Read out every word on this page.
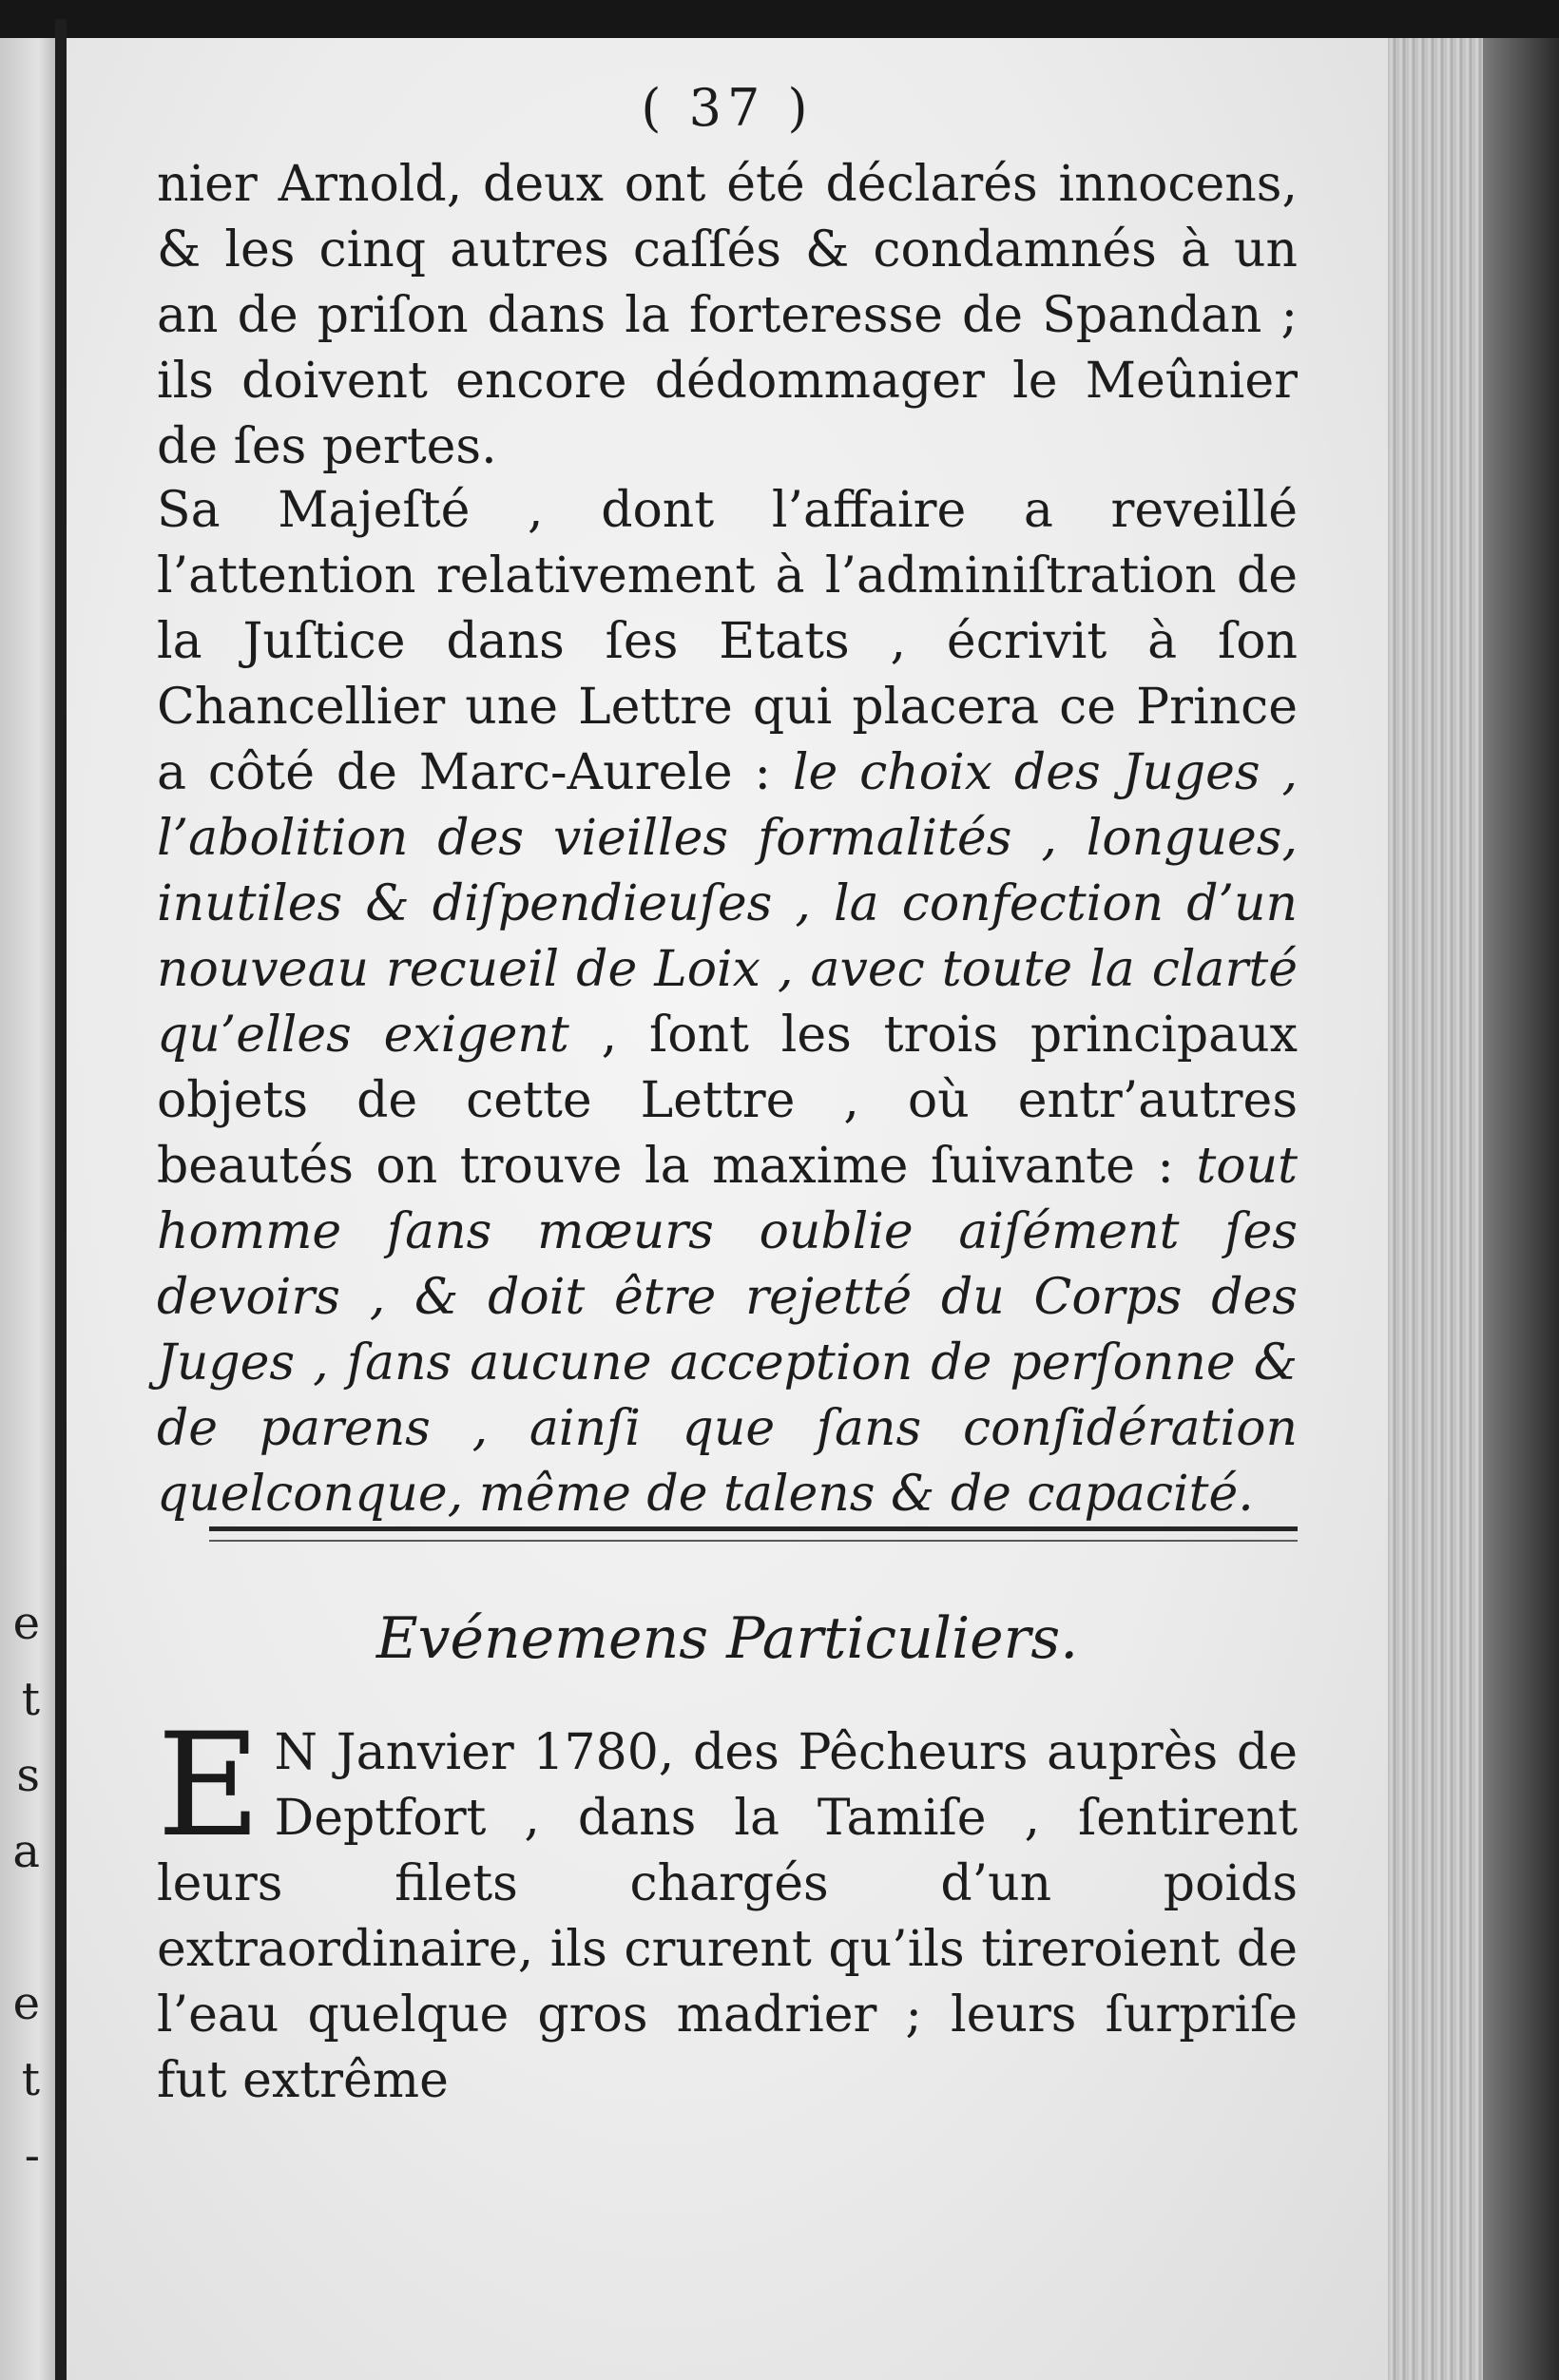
e
t
s
a
e
t
-
( 37 )
nier Arnold, deux ont été déclarés innocens, & les cinq autres caſſés & condamnés à un an de priſon dans la forteresse de Spandan ; ils doivent encore dédommager le Meûnier de ſes pertes.
Sa Majeſté , dont l’affaire a reveillé l’attention relativement à l’adminiſtration de la Juſtice dans ſes Etats , écrivit à ſon Chancellier une Lettre qui placera ce Prince a côté de Marc-Aurele : le choix des Juges , l’abolition des vieilles formalités , longues, inutiles & diſpendieuſes , la confection d’un nouveau recueil de Loix , avec toute la clarté qu’elles exigent , ſont les trois principaux objets de cette Lettre , où entr’autres beautés on trouve la maxime ſuivante : tout homme ſans mœurs oublie aiſément ſes devoirs , & doit être rejetté du Corps des Juges , ſans aucune acception de perſonne & de parens , ainſi que ſans conſidération quelconque, même de talens & de capacité.
Evénemens Particuliers.
E N Janvier 1780, des Pêcheurs auprès de Deptfort , dans la Tamiſe , ſentirent leurs filets chargés d’un poids extraordinaire, ils crurent qu’ils tireroient de l’eau quelque gros madrier ; leurs ſurpriſe fut extrême
